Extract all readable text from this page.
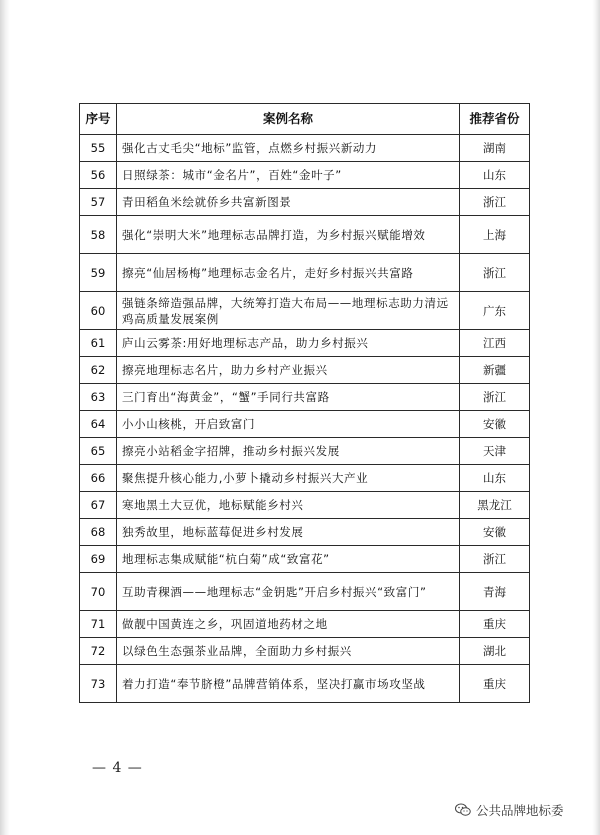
序号	案例名称	推荐省份
55	强化古丈毛尖“地标”监管，点燃乡村振兴新动力	湖南
56	日照绿茶：城市“金名片”，百姓“金叶子”	山东
57	青田稻鱼米绘就侨乡共富新图景	浙江
58	强化“崇明大米”地理标志品牌打造，为乡村振兴赋能增效	上海
59	擦亮“仙居杨梅”地理标志金名片，走好乡村振兴共富路	浙江
60	强链条缔造强品牌，大统筹打造大布局——地理标志助力清远鸡高质量发展案例	广东
61	庐山云雾茶:用好地理标志产品，助力乡村振兴	江西
62	擦亮地理标志名片，助力乡村产业振兴	新疆
63	三门育出“海黄金”，“蟹”手同行共富路	浙江
64	小小山核桃，开启致富门	安徽
65	擦亮小站稻金字招牌，推动乡村振兴发展	天津
66	聚焦提升核心能力,小萝卜撬动乡村振兴大产业	山东
67	寒地黑土大豆优，地标赋能乡村兴	黑龙江
68	独秀故里，地标蓝莓促进乡村发展	安徽
69	地理标志集成赋能“杭白菊”成“致富花”	浙江
70	互助青稞酒——地理标志“金钥匙”开启乡村振兴“致富门”	青海
71	做靓中国黄连之乡，巩固道地药材之地	重庆
72	以绿色生态强茶业品牌，全面助力乡村振兴	湖北
73	着力打造“奉节脐橙”品牌营销体系，坚决打赢市场攻坚战	重庆
— 4 —
公共品牌地标委
